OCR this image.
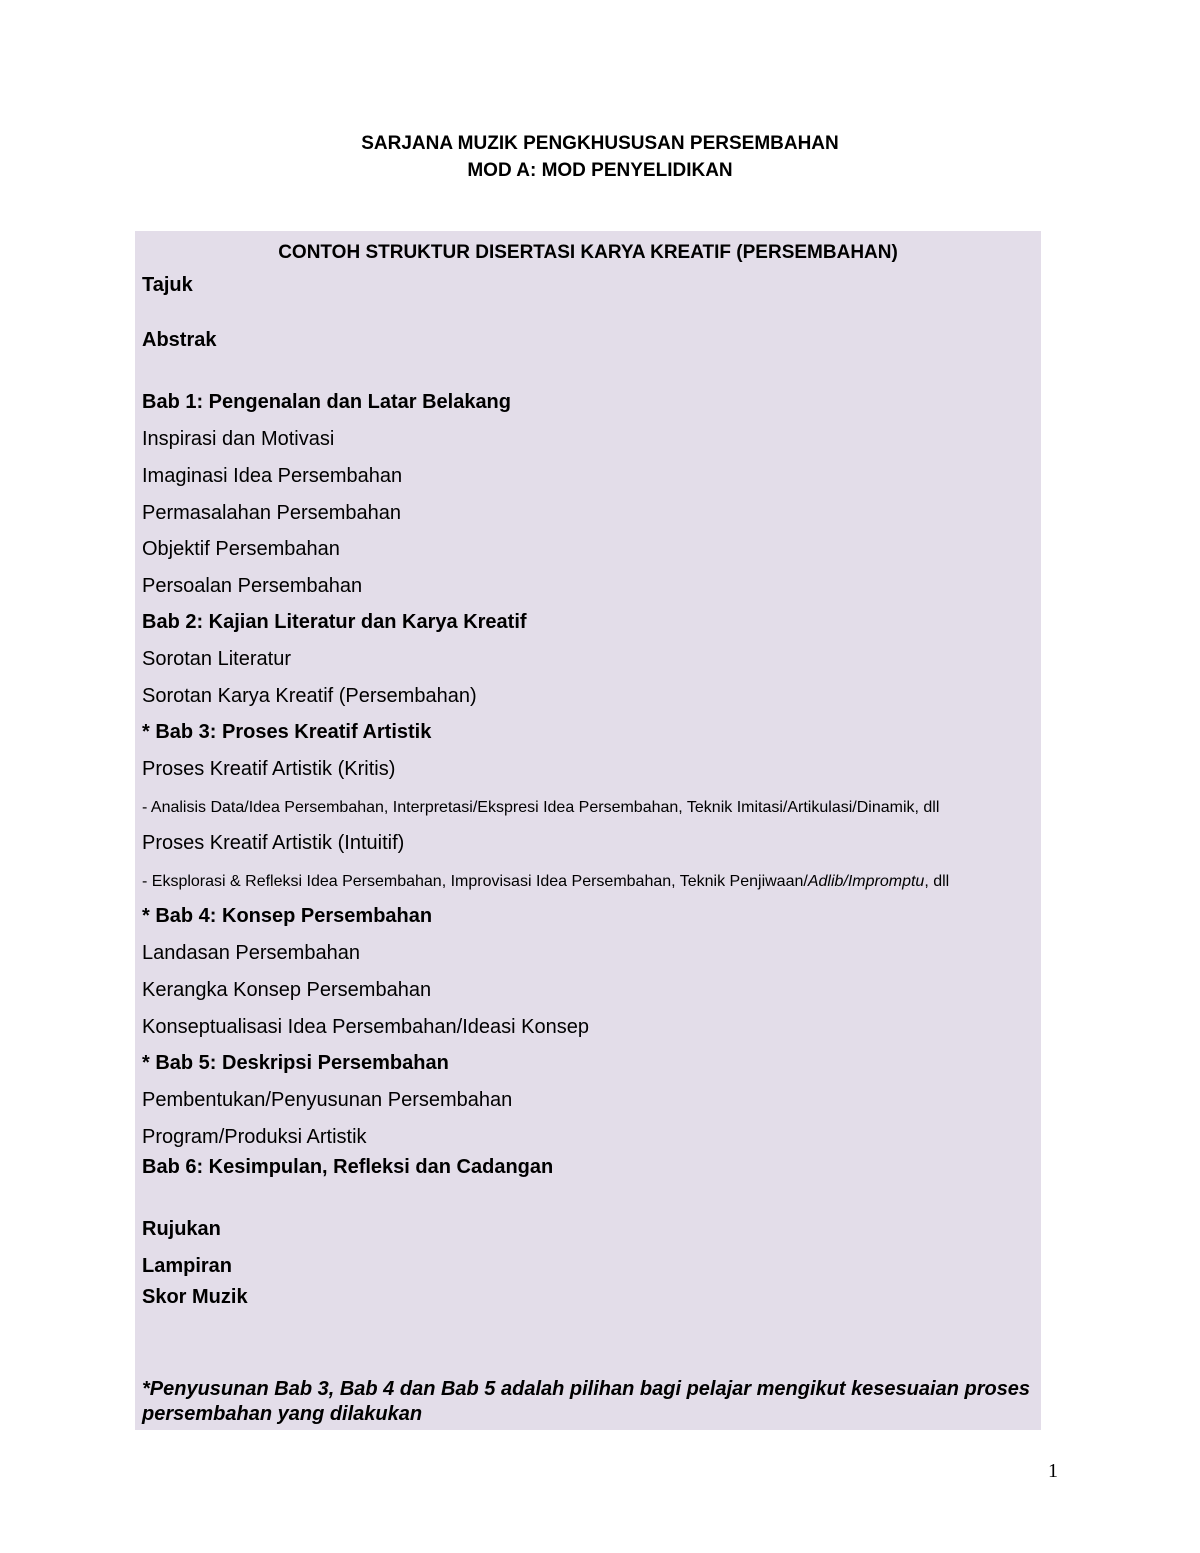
SARJANA MUZIK PENGKHUSUSAN PERSEMBAHAN
MOD A: MOD PENYELIDIKAN
CONTOH STRUKTUR DISERTASI KARYA KREATIF (PERSEMBAHAN)
Tajuk
Abstrak
Bab 1: Pengenalan dan Latar Belakang
Inspirasi dan Motivasi
Imaginasi Idea Persembahan
Permasalahan Persembahan
Objektif Persembahan
Persoalan Persembahan
Bab 2: Kajian Literatur dan Karya Kreatif
Sorotan Literatur
Sorotan Karya Kreatif (Persembahan)
* Bab 3: Proses Kreatif Artistik
Proses Kreatif Artistik (Kritis)
- Analisis Data/Idea Persembahan, Interpretasi/Ekspresi Idea Persembahan, Teknik Imitasi/Artikulasi/Dinamik, dll
Proses Kreatif Artistik (Intuitif)
- Eksplorasi & Refleksi Idea Persembahan, Improvisasi Idea Persembahan, Teknik Penjiwaan/Adlib/Impromptu, dll
* Bab 4: Konsep Persembahan
Landasan Persembahan
Kerangka Konsep Persembahan
Konseptualisasi Idea Persembahan/Ideasi Konsep
* Bab 5: Deskripsi Persembahan
Pembentukan/Penyusunan Persembahan
Program/Produksi Artistik
Bab 6: Kesimpulan, Refleksi dan Cadangan
Rujukan
Lampiran
Skor Muzik
*Penyusunan Bab 3, Bab 4 dan Bab 5 adalah pilihan bagi pelajar mengikut kesesuaian proses persembahan yang dilakukan
1
